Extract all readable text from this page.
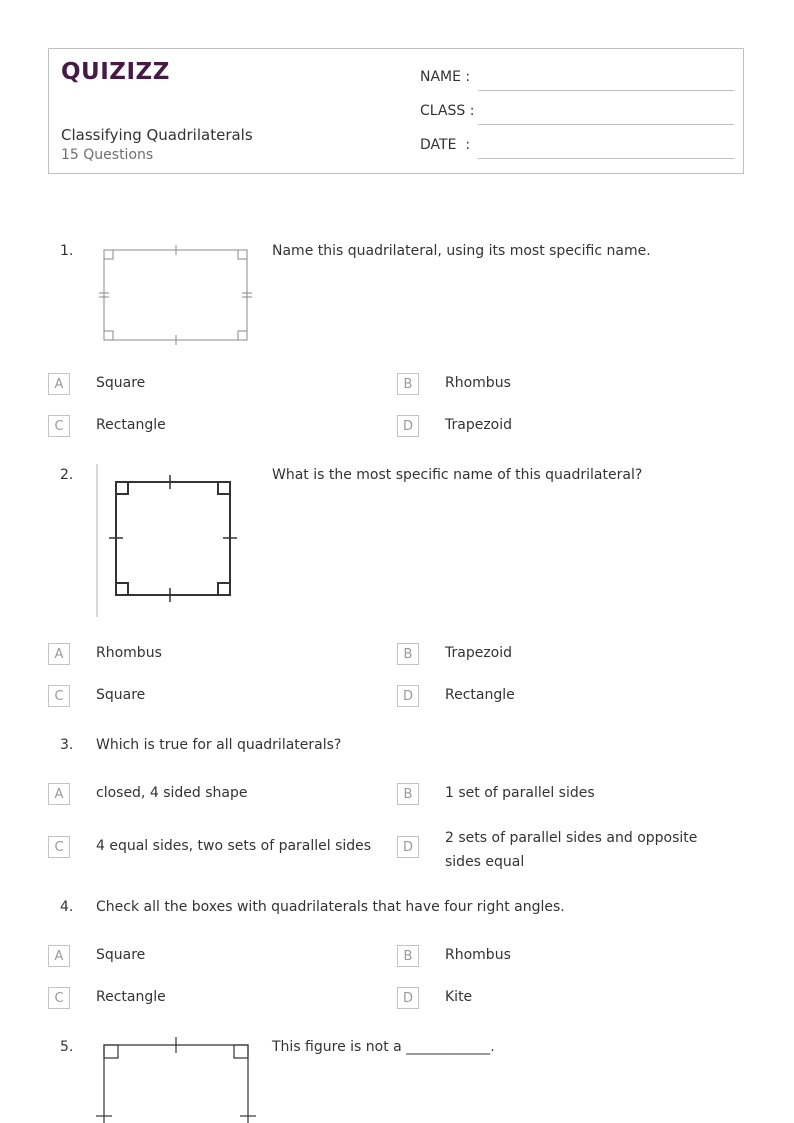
QUIZIZZ
Classifying Quadrilaterals
15 Questions
NAME :
CLASS :
DATE  :
1.	Name this quadrilateral, using its most specific name.
A	Square	B	Rhombus
C	Rectangle	D	Trapezoid
2.	What is the most specific name of this quadrilateral?
A	Rhombus	B	Trapezoid
C	Square	D	Rectangle
3. Which is true for all quadrilaterals?
A	closed, 4 sided shape	B	1 set of parallel sides
C	4 equal sides, two sets of parallel sides	D
2 sets of parallel sides and opposite sides equal
4. Check all the boxes with quadrilaterals that have four right angles.
A	Square	B	Rhombus
C	Rectangle	D	Kite
5.	This figure is not a ____________.
